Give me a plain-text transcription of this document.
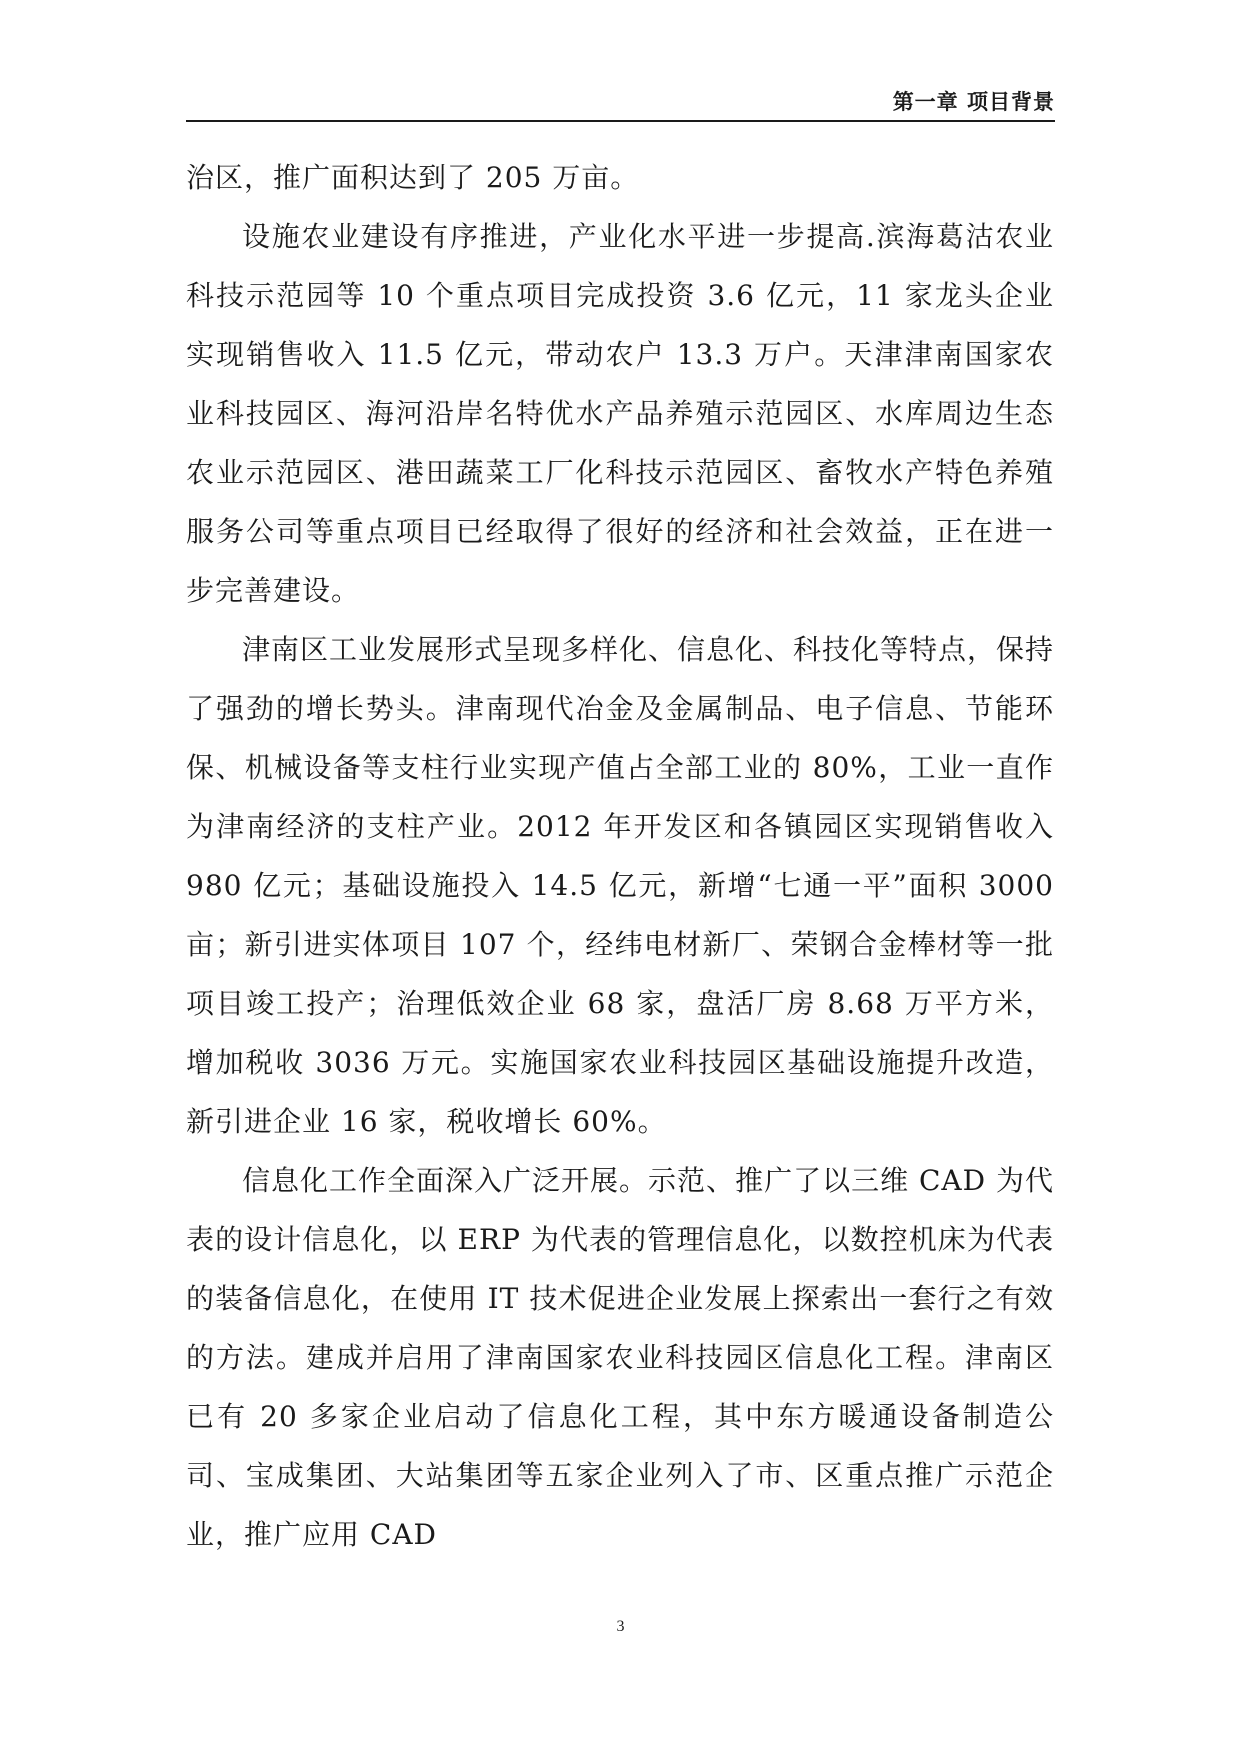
第一章 项目背景

治区，推广面积达到了 205 万亩。

设施农业建设有序推进，产业化水平进一步提高.滨海葛沽农业科技示范园等 10 个重点项目完成投资 3.6 亿元，11 家龙头企业实现销售收入 11.5 亿元，带动农户 13.3 万户。天津津南国家农业科技园区、海河沿岸名特优水产品养殖示范园区、水库周边生态农业示范园区、港田蔬菜工厂化科技示范园区、畜牧水产特色养殖服务公司等重点项目已经取得了很好的经济和社会效益，正在进一步完善建设。

津南区工业发展形式呈现多样化、信息化、科技化等特点，保持了强劲的增长势头。津南现代冶金及金属制品、电子信息、节能环保、机械设备等支柱行业实现产值占全部工业的 80%，工业一直作为津南经济的支柱产业。2012 年开发区和各镇园区实现销售收入 980 亿元；基础设施投入 14.5 亿元，新增“七通一平”面积 3000 亩；新引进实体项目 107 个，经纬电材新厂、荣钢合金棒材等一批项目竣工投产；治理低效企业 68 家，盘活厂房 8.68 万平方米，增加税收 3036 万元。实施国家农业科技园区基础设施提升改造，新引进企业 16 家，税收增长 60%。

信息化工作全面深入广泛开展。示范、推广了以三维 CAD 为代表的设计信息化，以 ERP 为代表的管理信息化，以数控机床为代表的装备信息化，在使用 IT 技术促进企业发展上探索出一套行之有效的方法。建成并启用了津南国家农业科技园区信息化工程。津南区已有 20 多家企业启动了信息化工程，其中东方暖通设备制造公司、宝成集团、大站集团等五家企业列入了市、区重点推广示范企业，推广应用 CAD

3
